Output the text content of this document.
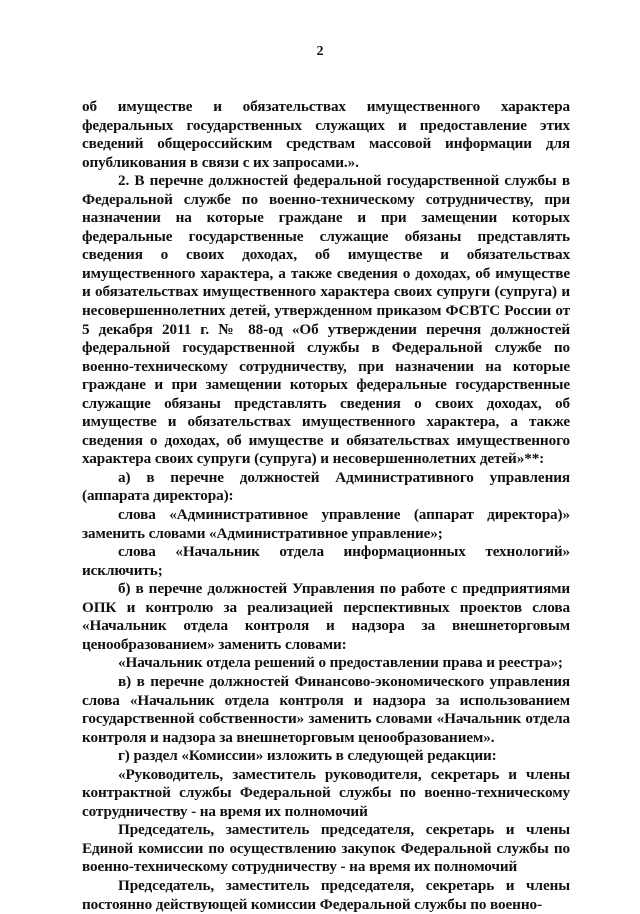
2

об имуществе и обязательствах имущественного характера федеральных государственных служащих и предоставление этих сведений общероссийским средствам массовой информации для опубликования в связи с их запросами.».

2. В перечне должностей федеральной государственной службы в Федеральной службе по военно-техническому сотрудничеству, при назначении на которые граждане и при замещении которых федеральные государственные служащие обязаны представлять сведения о своих доходах, об имуществе и обязательствах имущественного характера, а также сведения о доходах, об имуществе и обязательствах имущественного характера своих супруги (супруга) и несовершеннолетних детей, утвержденном приказом ФСВТС России от 5 декабря 2011 г. № 88-од «Об утверждении перечня должностей федеральной государственной службы в Федеральной службе по военно-техническому сотрудничеству, при назначении на которые граждане и при замещении которых федеральные государственные служащие обязаны представлять сведения о своих доходах, об имуществе и обязательствах имущественного характера, а также сведения о доходах, об имуществе и обязательствах имущественного характера своих супруги (супруга) и несовершеннолетних детей»**:

а) в перечне должностей Административного управления (аппарата директора):

слова «Административное управление (аппарат директора)» заменить словами «Административное управление»;

слова «Начальник отдела информационных технологий» исключить;

б) в перечне должностей Управления по работе с предприятиями ОПК и контролю за реализацией перспективных проектов слова «Начальник отдела контроля и надзора за внешнеторговым ценообразованием» заменить словами:

«Начальник отдела решений о предоставлении права и реестра»;

в) в перечне должностей Финансово-экономического управления слова «Начальник отдела контроля и надзора за использованием государственной собственности» заменить словами «Начальник отдела контроля и надзора за внешнеторговым ценообразованием».

г) раздел «Комиссии» изложить в следующей редакции:

«Руководитель, заместитель руководителя, секретарь и члены контрактной службы Федеральной службы по военно-техническому сотрудничеству - на время их полномочий

Председатель, заместитель председателя, секретарь и члены Единой комиссии по осуществлению закупок Федеральной службы по военно-техническому сотрудничеству - на время их полномочий

Председатель, заместитель председателя, секретарь и члены постоянно действующей комиссии Федеральной службы по военно-
